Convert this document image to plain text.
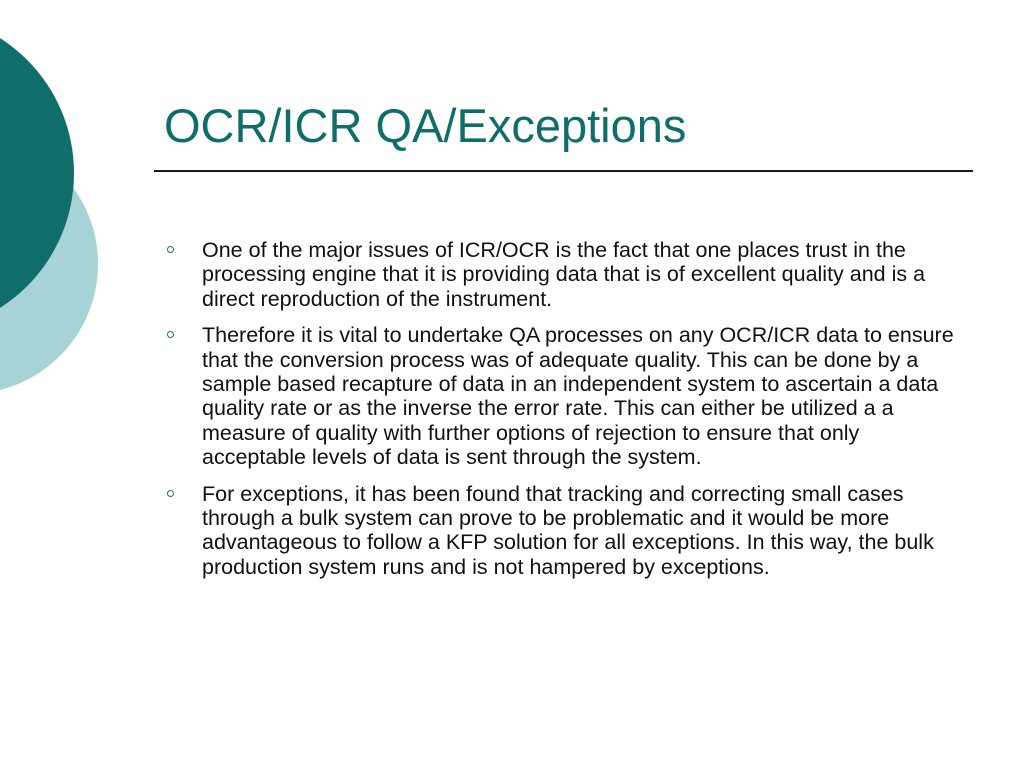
OCR/ICR QA/Exceptions
One of the major issues of ICR/OCR is the fact that one places trust in the processing engine that it is providing data that is of excellent quality and is a direct reproduction of the instrument.
Therefore it is vital to undertake QA processes on any OCR/ICR data to ensure that the conversion process was of adequate quality. This can be done by a sample based recapture of data in an independent system to ascertain a data quality rate or as the inverse the error rate. This can either be utilized a a measure of quality with further options of rejection to ensure that only acceptable levels of data is sent through the system.
For exceptions, it has been found that tracking and correcting small cases through a bulk system can prove to be problematic and it would be more advantageous to follow a KFP solution for all exceptions. In this way, the bulk production system runs and is not hampered by exceptions.
